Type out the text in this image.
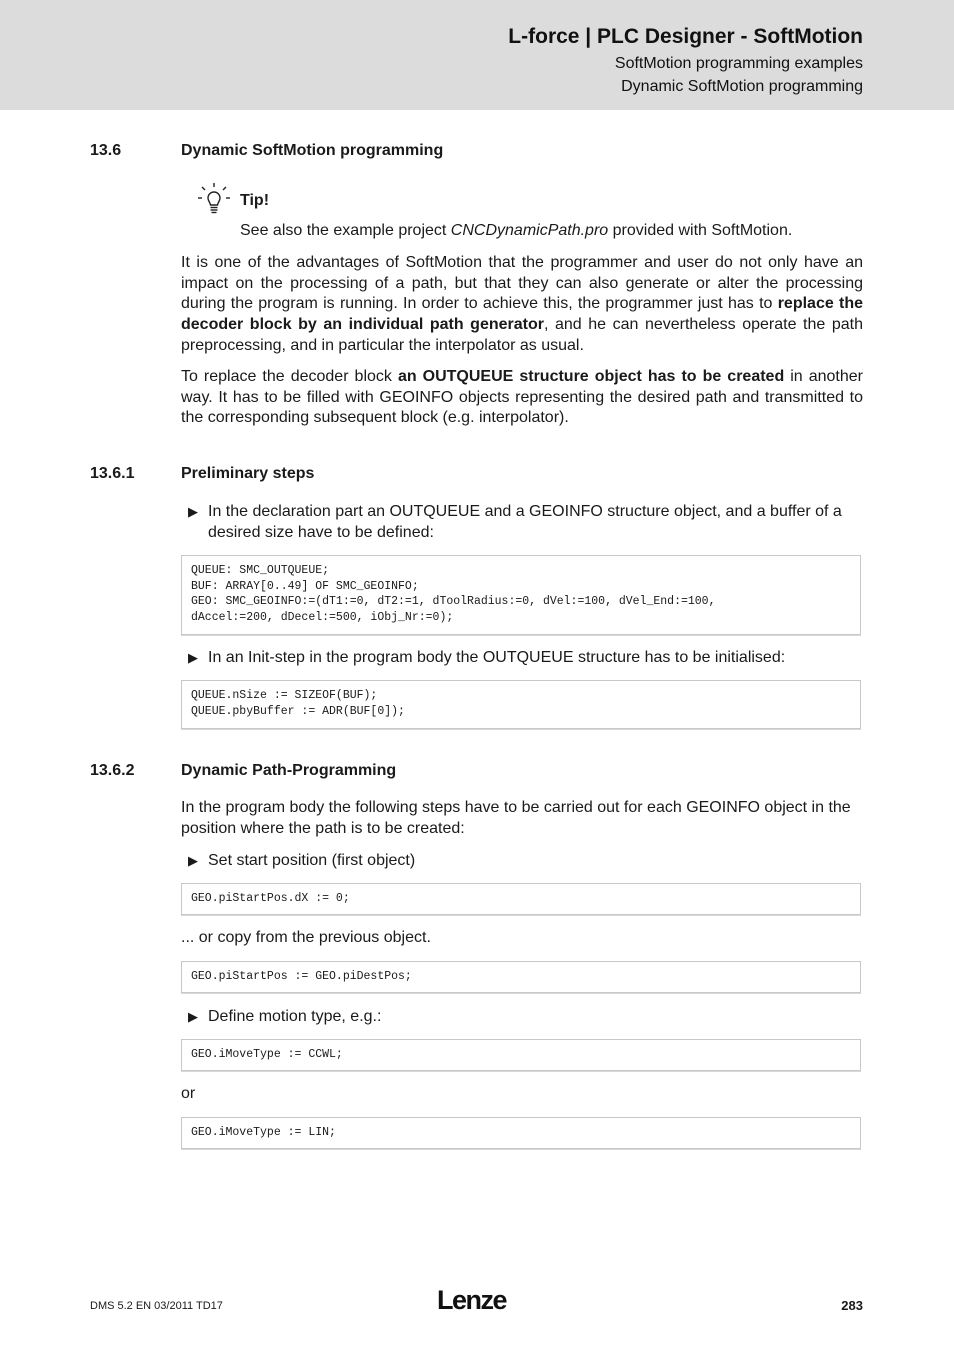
L-force | PLC Designer - SoftMotion
SoftMotion programming examples
Dynamic SoftMotion programming
13.6	Dynamic SoftMotion programming
Tip!
See also the example project CNCDynamicPath.pro provided with SoftMotion.
It is one of the advantages of SoftMotion that the programmer and user do not only have an impact on the processing of a path, but that they can also generate or alter the processing during the program is running. In order to achieve this, the programmer just has to replace the decoder block by an individual path generator, and he can nevertheless operate the path preprocessing, and in particular the interpolator as usual.
To replace the decoder block an OUTQUEUE structure object has to be created in another way. It has to be filled with GEOINFO objects representing the desired path and transmitted to the corresponding subsequent block (e.g. interpolator).
13.6.1	Preliminary steps
▶ In the declaration part an OUTQUEUE and a GEOINFO structure object, and a buffer of a desired size have to be defined:
QUEUE: SMC_OUTQUEUE;
BUF: ARRAY[0..49] OF SMC_GEOINFO;
GEO: SMC_GEOINFO:=(dT1:=0, dT2:=1, dToolRadius:=0, dVel:=100, dVel_End:=100,
dAccel:=200, dDecel:=500, iObj_Nr:=0);
▶ In an Init-step in the program body the OUTQUEUE structure has to be initialised:
QUEUE.nSize := SIZEOF(BUF);
QUEUE.pbyBuffer := ADR(BUF[0]);
13.6.2	Dynamic Path-Programming
In the program body the following steps have to be carried out for each GEOINFO object in the position where the path is to be created:
▶ Set start position (first object)
GEO.piStartPos.dX := 0;
... or copy from the previous object.
GEO.piStartPos := GEO.piDestPos;
▶ Define motion type, e.g.:
GEO.iMoveType := CCWL;
or
GEO.iMoveType := LIN;
DMS 5.2 EN 03/2011 TD17	Lenze	283
